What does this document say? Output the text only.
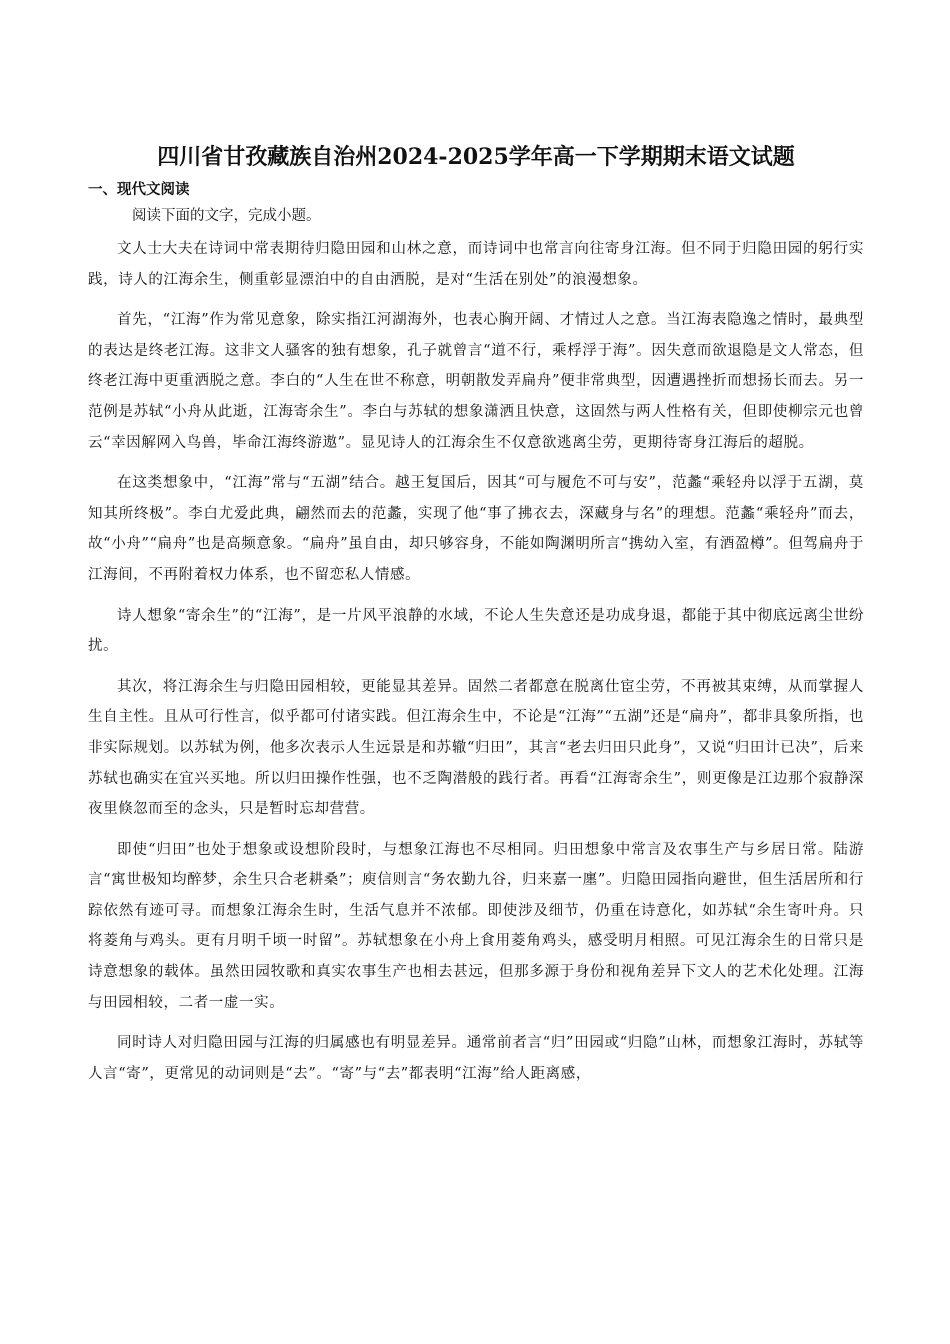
四川省甘孜藏族自治州2024-2025学年高一下学期期末语文试题
一、现代文阅读
阅读下面的文字，完成小题。

文人士大夫在诗词中常表期待归隐田园和山林之意，而诗词中也常言向往寄身江海。但不同于归隐田园的躬行实践，诗人的江海余生，侧重彰显漂泊中的自由洒脱，是对“生活在别处”的浪漫想象。

首先，“江海”作为常见意象，除实指江河湖海外，也表心胸开阔、才情过人之意。当江海表隐逸之情时，最典型的表达是终老江海。这非文人骚客的独有想象，孔子就曾言“道不行，乘桴浮于海”。因失意而欲退隐是文人常态，但终老江海中更重洒脱之意。李白的“人生在世不称意，明朝散发弄扁舟”便非常典型，因遭遇挫折而想扬长而去。另一范例是苏轼“小舟从此逝，江海寄余生”。李白与苏轼的想象潇洒且快意，这固然与两人性格有关，但即使柳宗元也曾云“幸因解网入鸟兽，毕命江海终游遨”。显见诗人的江海余生不仅意欲逃离尘劳，更期待寄身江海后的超脱。

在这类想象中，“江海”常与“五湖”结合。越王复国后，因其“可与履危不可与安”，范蠡“乘轻舟以浮于五湖，莫知其所终极”。李白尤爱此典，翩然而去的范蠡，实现了他“事了拂衣去，深藏身与名”的理想。范蠡“乘轻舟”而去，故“小舟”“扁舟”也是高频意象。“扁舟”虽自由，却只够容身，不能如陶渊明所言“携幼入室，有酒盈樽”。但驾扁舟于江海间，不再附着权力体系，也不留恋私人情感。

诗人想象“寄余生”的“江海”，是一片风平浪静的水域，不论人生失意还是功成身退，都能于其中彻底远离尘世纷扰。

其次，将江海余生与归隐田园相较，更能显其差异。固然二者都意在脱离仕宦尘劳，不再被其束缚，从而掌握人生自主性。且从可行性言，似乎都可付诸实践。但江海余生中，不论是“江海”“五湖”还是“扁舟”，都非具象所指，也非实际规划。以苏轼为例，他多次表示人生远景是和苏辙“归田”，其言“老去归田只此身”，又说“归田计已决”，后来苏轼也确实在宜兴买地。所以归田操作性强，也不乏陶潜般的践行者。再看“江海寄余生”，则更像是江边那个寂静深夜里倏忽而至的念头，只是暂时忘却营营。

即使“归田”也处于想象或设想阶段时，与想象江海也不尽相同。归田想象中常言及农事生产与乡居日常。陆游言“寓世极知均醉梦，余生只合老耕桑”；庾信则言“务农勤九谷，归来嘉一廛”。归隐田园指向避世，但生活居所和行踪依然有迹可寻。而想象江海余生时，生活气息并不浓郁。即使涉及细节，仍重在诗意化，如苏轼“余生寄叶舟。只将菱角与鸡头。更有月明千顷一时留”。苏轼想象在小舟上食用菱角鸡头，感受明月相照。可见江海余生的日常只是诗意想象的载体。虽然田园牧歌和真实农事生产也相去甚远，但那多源于身份和视角差异下文人的艺术化处理。江海与田园相较，二者一虚一实。

同时诗人对归隐田园与江海的归属感也有明显差异。通常前者言“归”田园或“归隐”山林，而想象江海时，苏轼等人言“寄”，更常见的动词则是“去”。“寄”与“去”都表明“江海”给人距离感，
